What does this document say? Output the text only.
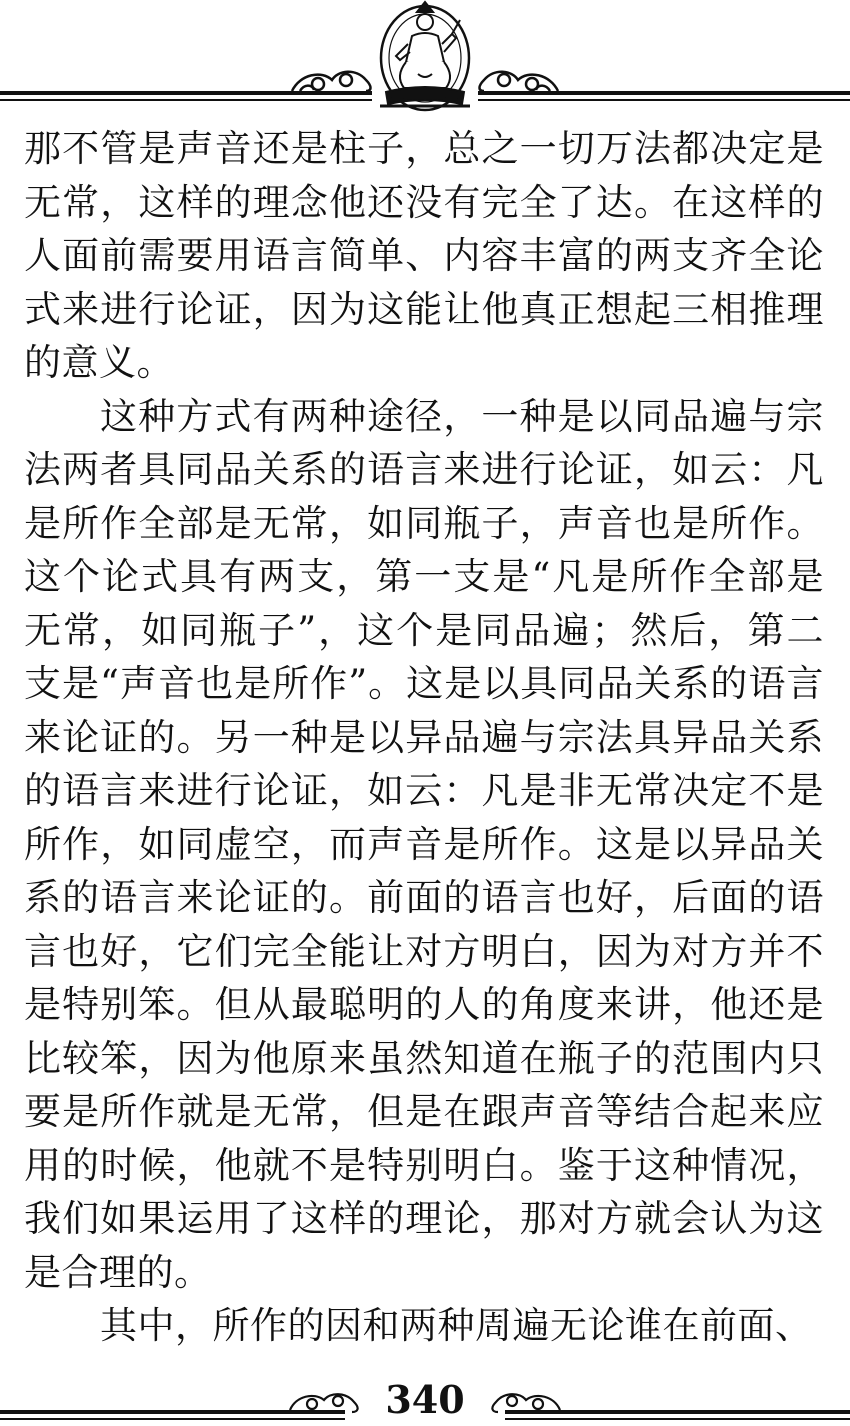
那不管是声音还是柱子，总之一切万法都决定是无常，这样的理念他还没有完全了达。在这样的人面前需要用语言简单、内容丰富的两支齐全论式来进行论证，因为这能让他真正想起三相推理的意义。

这种方式有两种途径，一种是以同品遍与宗法两者具同品关系的语言来进行论证，如云：凡是所作全部是无常，如同瓶子，声音也是所作。这个论式具有两支，第一支是“凡是所作全部是无常，如同瓶子”，这个是同品遍；然后，第二支是“声音也是所作”。这是以具同品关系的语言来论证的。另一种是以异品遍与宗法具异品关系的语言来进行论证，如云：凡是非无常决定不是所作，如同虚空，而声音是所作。这是以异品关系的语言来论证的。前面的语言也好，后面的语言也好，它们完全能让对方明白，因为对方并不是特别笨。但从最聪明的人的角度来讲，他还是比较笨，因为他原来虽然知道在瓶子的范围内只要是所作就是无常，但是在跟声音等结合起来应用的时候，他就不是特别明白。鉴于这种情况，我们如果运用了这样的理论，那对方就会认为这是合理的。

其中，所作的因和两种周遍无论谁在前面、

340
